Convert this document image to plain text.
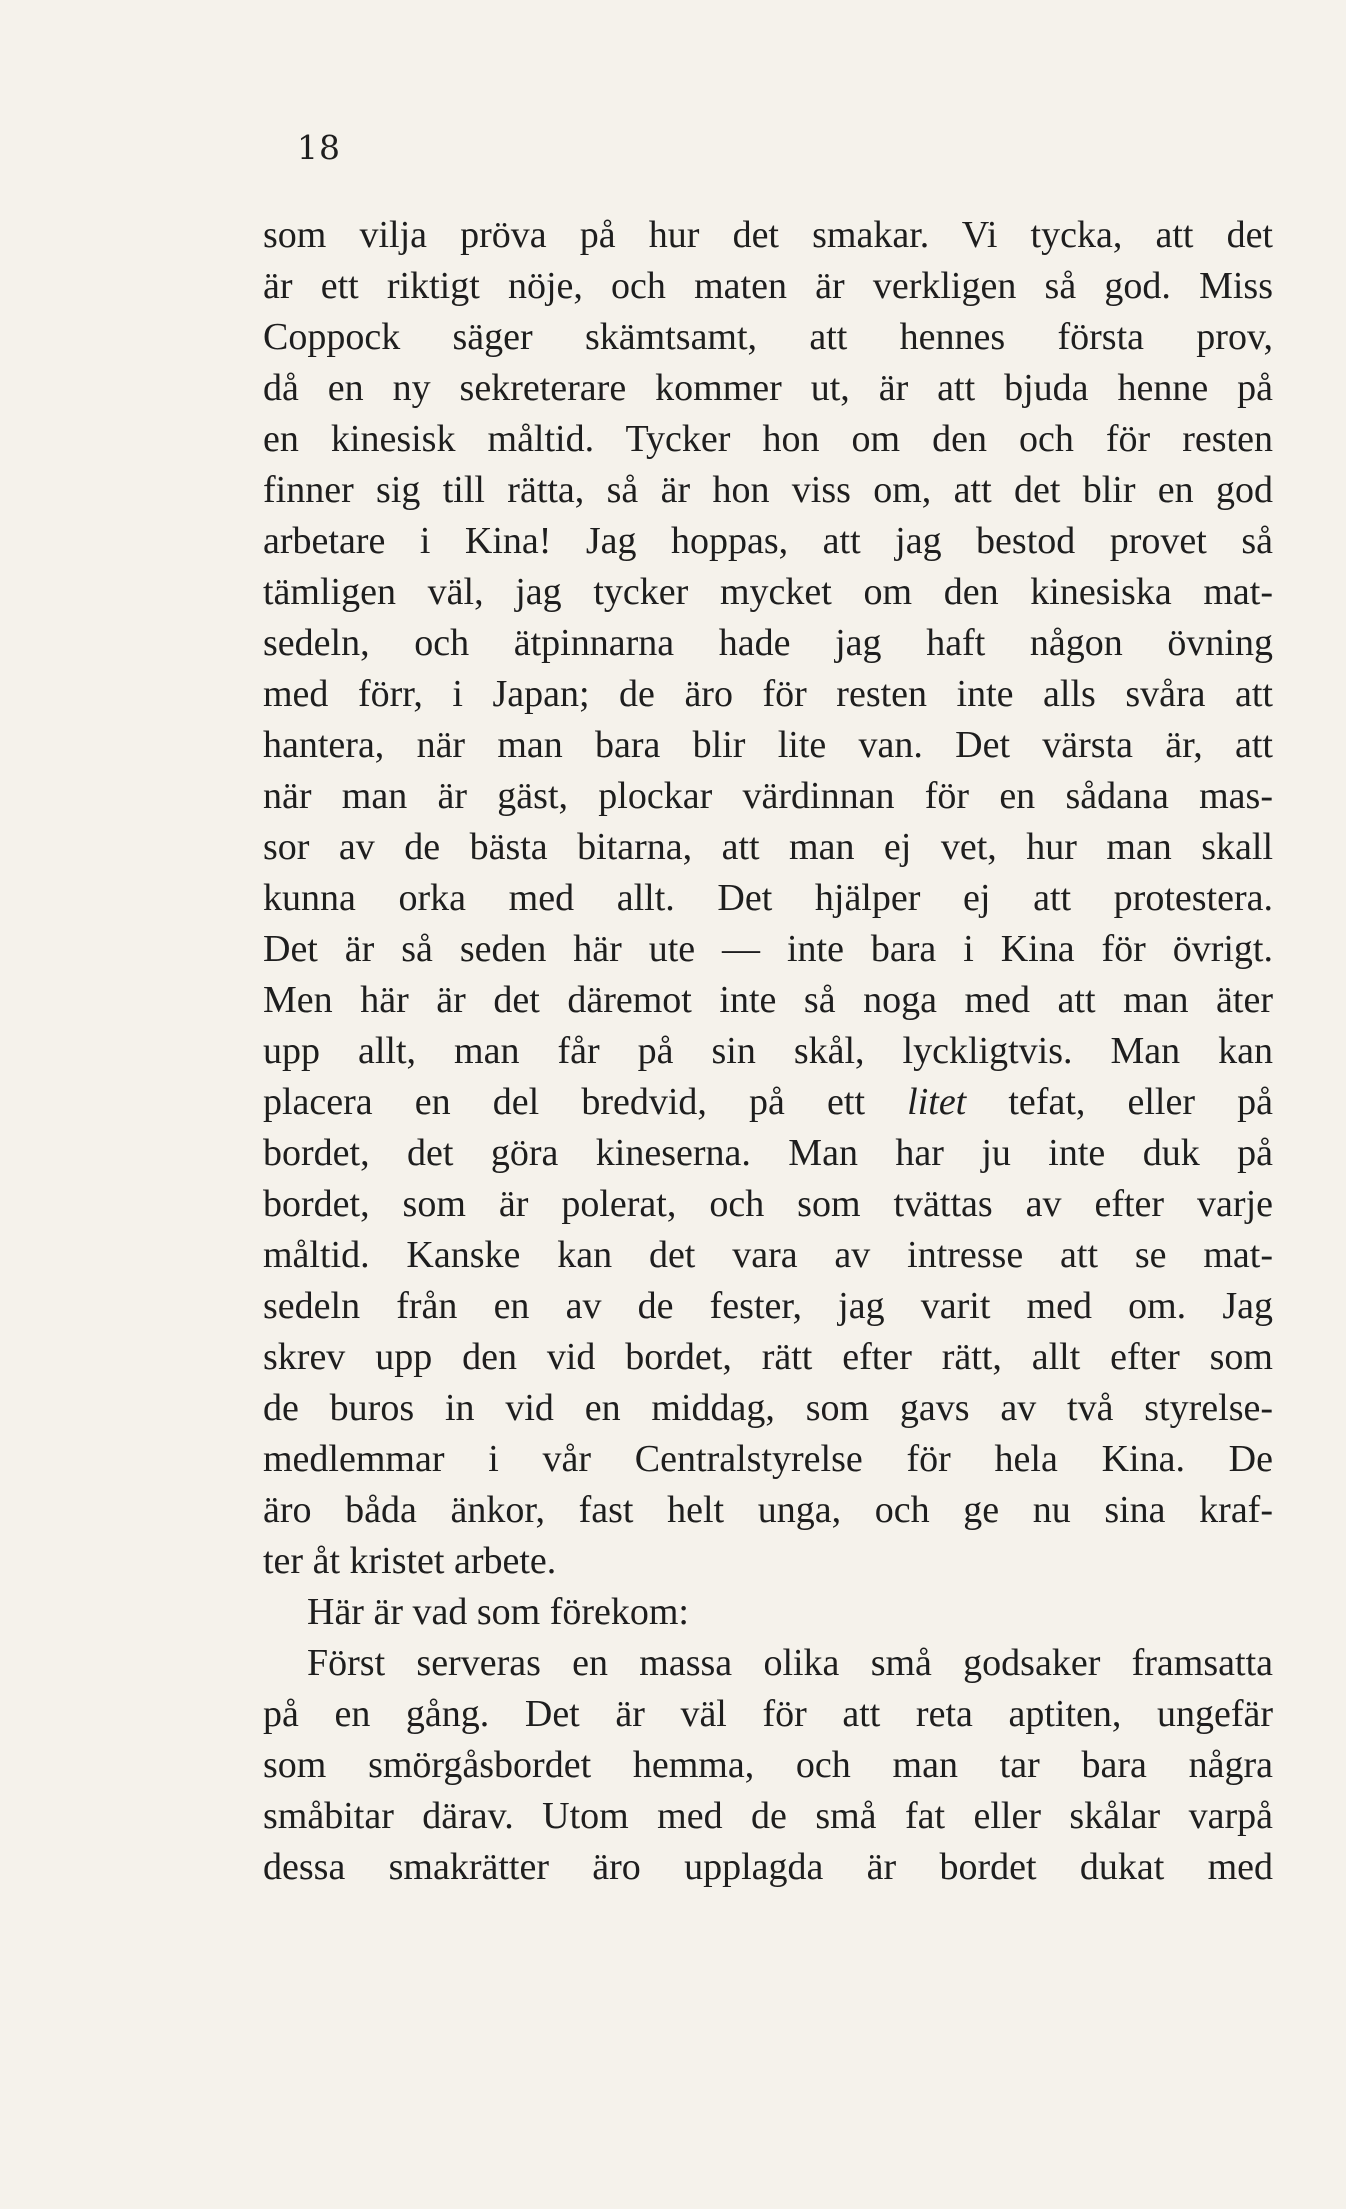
18
som vilja pröva på hur det smakar. Vi tycka, att det
är ett riktigt nöje, och maten är verkligen så god. Miss
Coppock säger skämtsamt, att hennes första prov,
då en ny sekreterare kommer ut, är att bjuda henne på
en kinesisk måltid. Tycker hon om den och för resten
finner sig till rätta, så är hon viss om, att det blir en god
arbetare i Kina! Jag hoppas, att jag bestod provet så
tämligen väl, jag tycker mycket om den kinesiska mat-
sedeln, och ätpinnarna hade jag haft någon övning
med förr, i Japan; de äro för resten inte alls svåra att
hantera, när man bara blir lite van. Det värsta är, att
när man är gäst, plockar värdinnan för en sådana mas-
sor av de bästa bitarna, att man ej vet, hur man skall
kunna orka med allt. Det hjälper ej att protestera.
Det är så seden här ute — inte bara i Kina för övrigt.
Men här är det däremot inte så noga med att man äter
upp allt, man får på sin skål, lyckligtvis. Man kan
placera en del bredvid, på ett litet tefat, eller på
bordet, det göra kineserna. Man har ju inte duk på
bordet, som är polerat, och som tvättas av efter varje
måltid. Kanske kan det vara av intresse att se mat-
sedeln från en av de fester, jag varit med om. Jag
skrev upp den vid bordet, rätt efter rätt, allt efter som
de buros in vid en middag, som gavs av två styrelse-
medlemmar i vår Centralstyrelse för hela Kina. De
äro båda änkor, fast helt unga, och ge nu sina kraf-
ter åt kristet arbete.
Här är vad som förekom:
Först serveras en massa olika små godsaker framsatta
på en gång. Det är väl för att reta aptiten, ungefär
som smörgåsbordet hemma, och man tar bara några
småbitar därav. Utom med de små fat eller skålar varpå
dessa smakrätter äro upplagda är bordet dukat med
